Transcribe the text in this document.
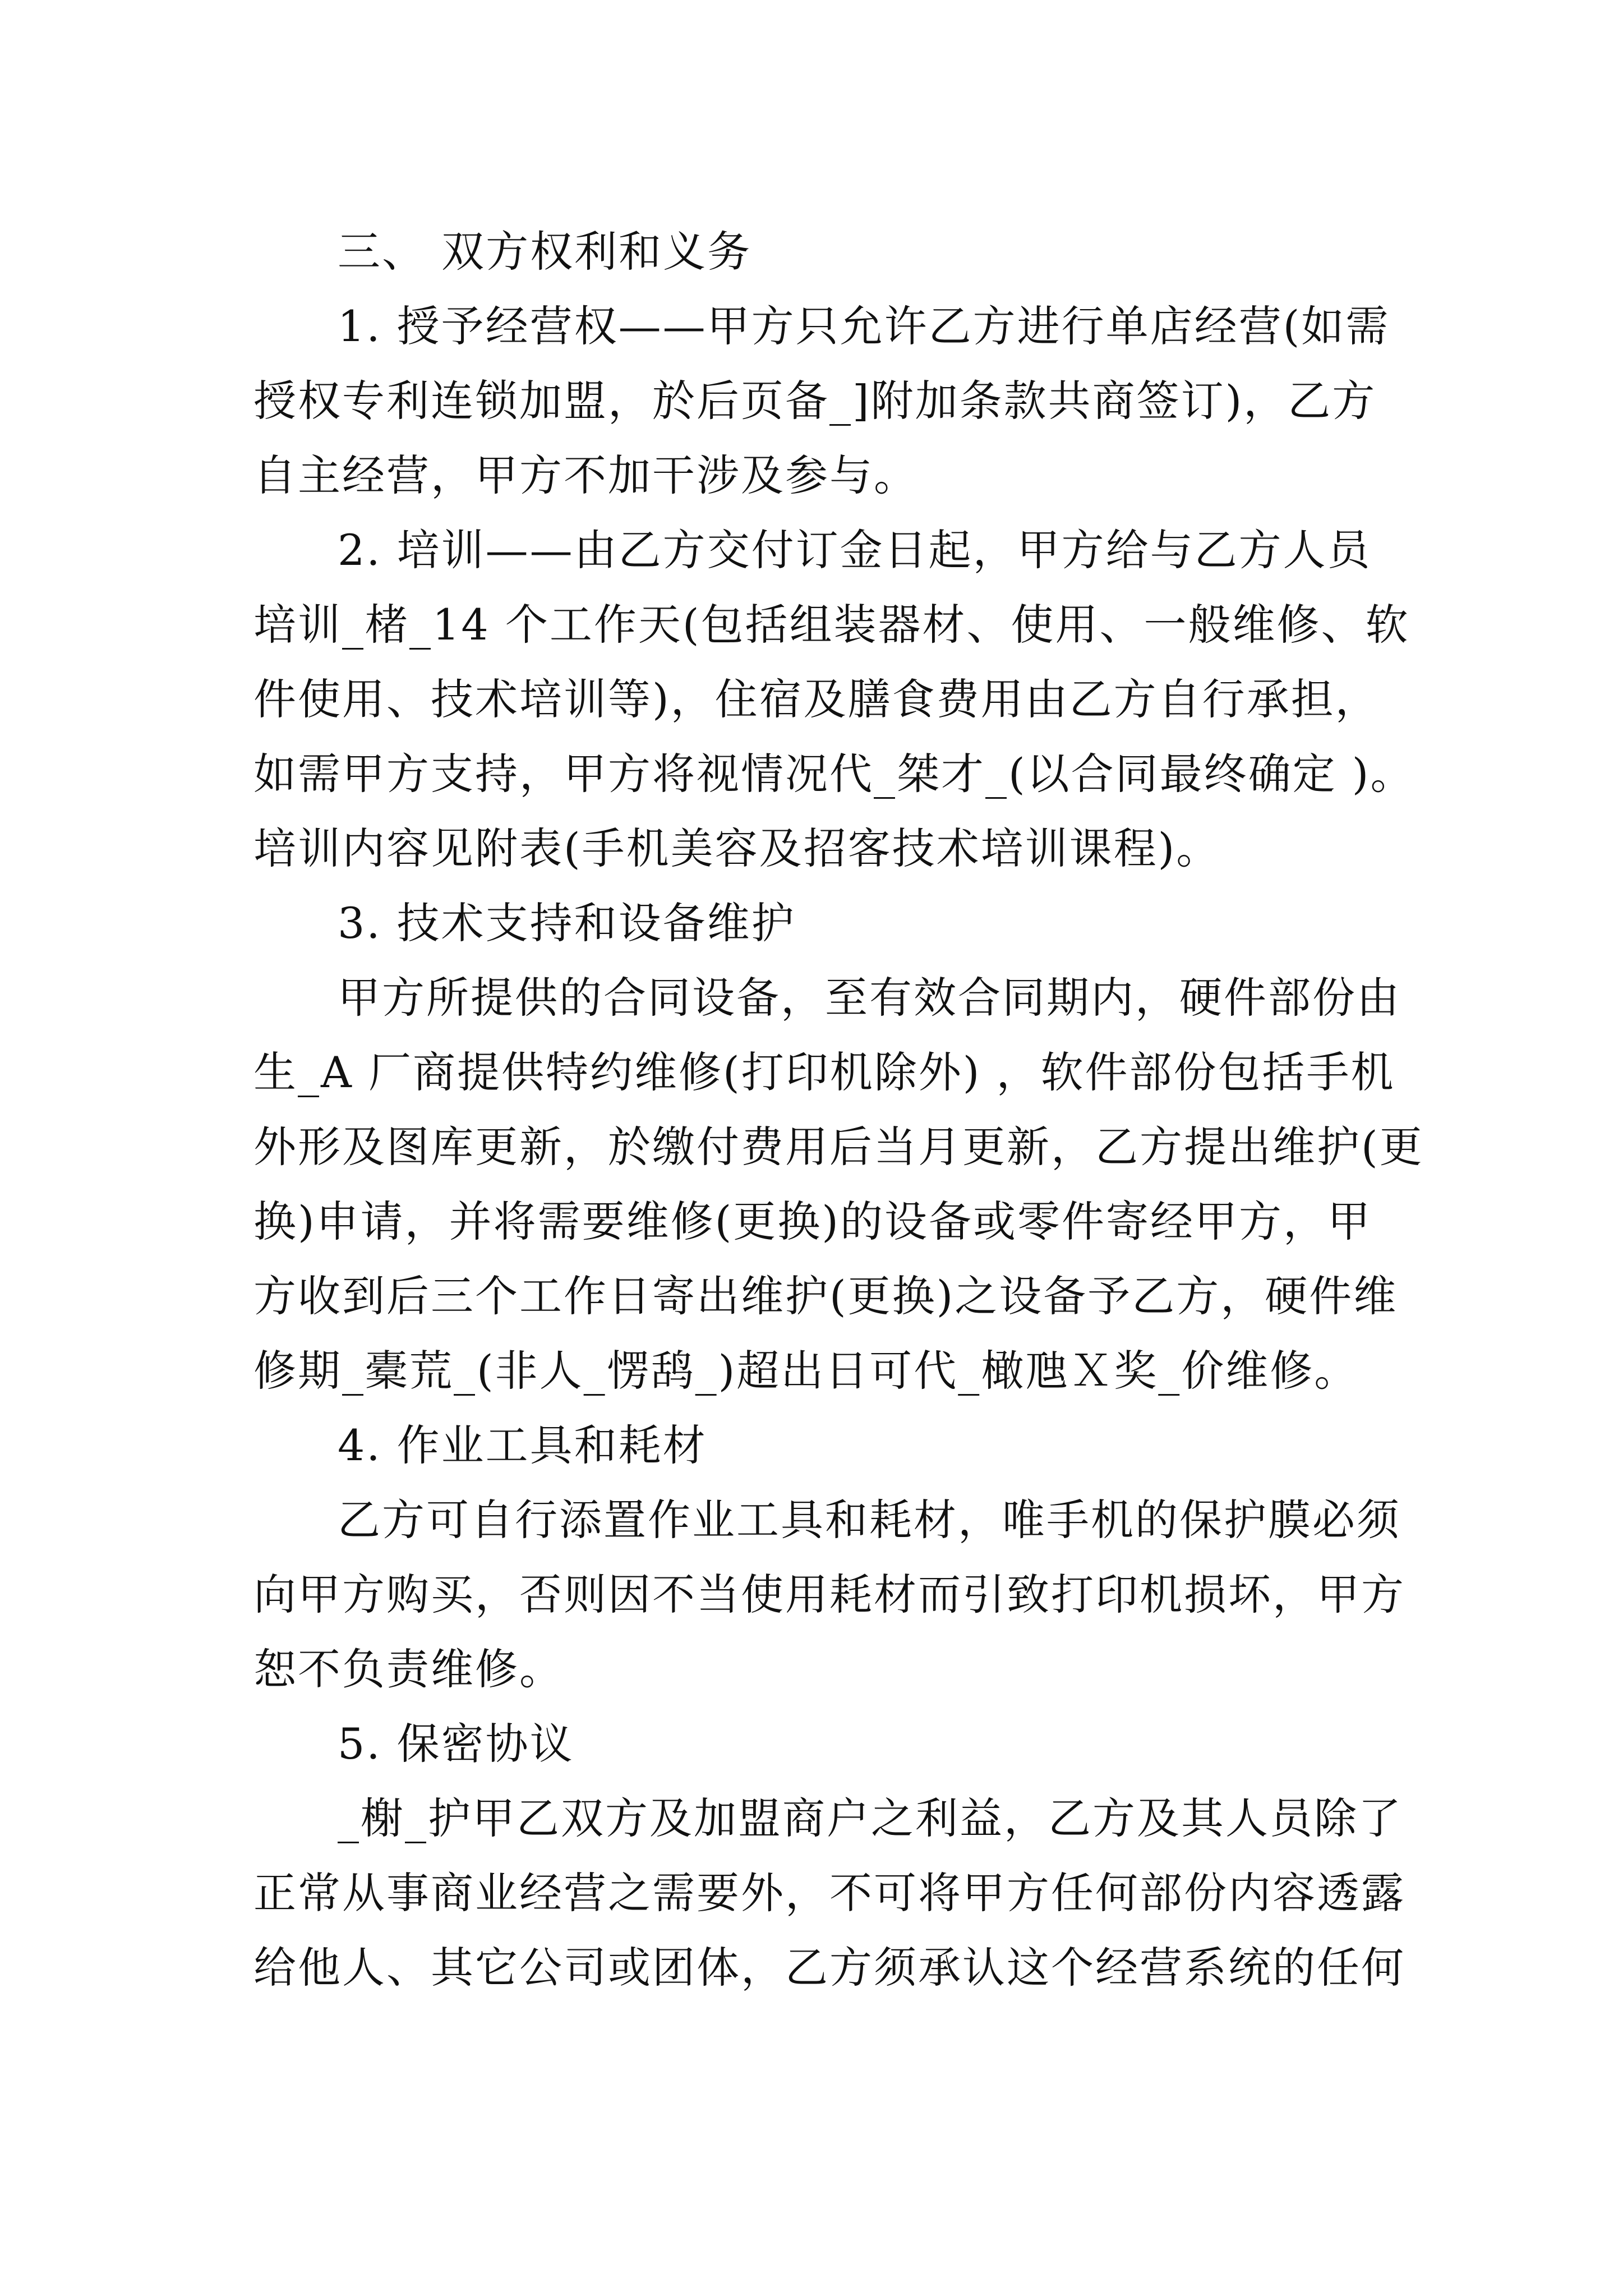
三、 双方权利和义务
1. 授予经营权——甲方只允许乙方进行单店经营(如需
授权专利连锁加盟，於后页备_]附加条款共商签订)，乙方
自主经营，甲方不加干涉及参与。
2. 培训——由乙方交付订金日起，甲方给与乙方人员
培训_楮_14 个工作天(包括组装器材、使用、一般维修、软
件使用、技术培训等)，住宿及膳食费用由乙方自行承担，
如需甲方支持，甲方将视情况代_桀才_(以合同最终确定 )。
培训内容见附表(手机美容及招客技术培训课程)。
3. 技术支持和设备维护
甲方所提供的合同设备，至有效合同期内，硬件部份由
生_A 厂商提供特约维修(打印机除外) ，软件部份包括手机
外形及图库更新，於缴付费用后当月更新，乙方提出维护(更
换)申请，并将需要维修(更换)的设备或零件寄经甲方，甲
方收到后三个工作日寄出维护(更换)之设备予乙方，硬件维
修期_橐荒_(非人_愣鸹_)超出日可代_橄虺Ｘ奖_价维修。
4. 作业工具和耗材
乙方可自行添置作业工具和耗材，唯手机的保护膜必须
向甲方购买，否则因不当使用耗材而引致打印机损坏，甲方
恕不负责维修。
5. 保密协议
_榭_护甲乙双方及加盟商户之利益，乙方及其人员除了
正常从事商业经营之需要外，不可将甲方任何部份内容透露
给他人、其它公司或团体，乙方须承认这个经营系统的任何
